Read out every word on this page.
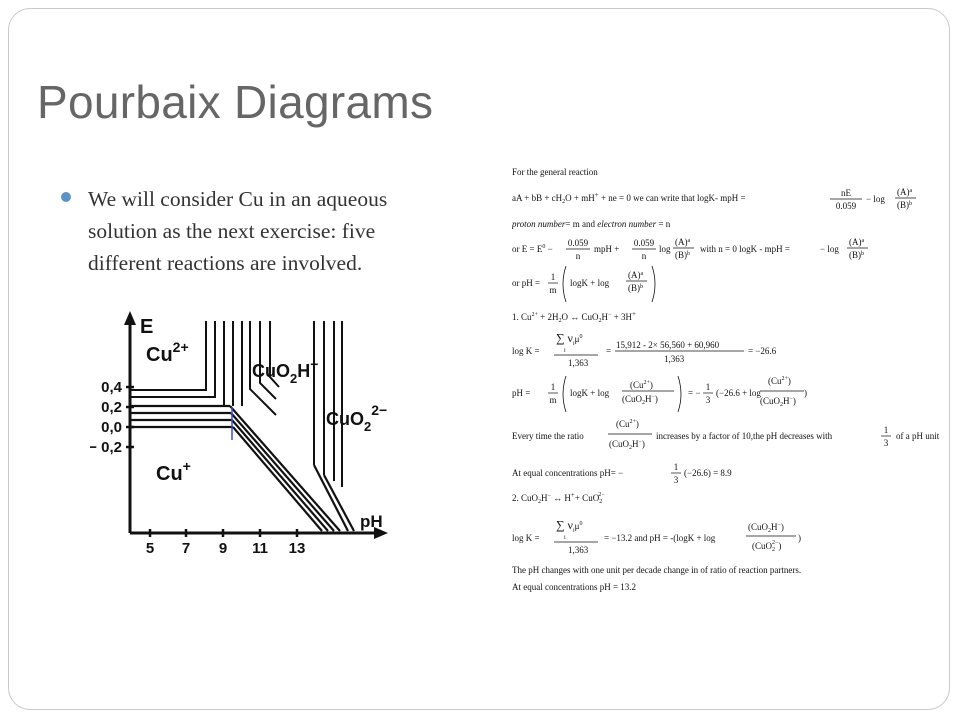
Pourbaix Diagrams
We will consider Cu in an aqueous solution as the next exercise: five different reactions are involved.
E
$Cu^{2+}$
CuO$_2$H−
CuO$_2^{2-}$
Cu+
pH
0,4
0,2
0,0
− 0,2
5 7 9 11 13
For the general reaction
aA + bB + $cH_2O + mH^+$ + ne = 0 we can write that logK- mpH =	nE
0.059
− log
$(A)^a$
$(B)^b$
proton number= m and electron number = n
or $E = E^0$ −
0.059
n
mpH +
0.059
n
log
$(A)^a$
$(B)^b$ with n = 0 logK - mpH =	− log
$(A)^a$
$(B)^b$
or pH =
1
m
logK + log
$(A)^a$
$(B)^b$
1. $Cu^{2+} + 2H_2O$ ↔ CuO$_2$H− + 3H+
log K =
∑ $\nu_i\mu^0$
i
1,363
=
15,912 - 2× 56,560 + 60,960
1,363
= −26.6
pH =
1
m
logK + log
$(Cu^{2+})$
(CuO$_2$H−)
= −
1
3
(−26.6 + log
$(Cu^{2+})$
(CuO$_2$H−)
)
Every time the ratio
$(Cu^{2+})$
(CuO$_2$H−)
increases by a factor of 10,the pH decreases with
1
3
of a pH unit
At equal concentrations pH= −
1
3
(−26.6) = 8.9
2. CuO$_2$H− ↔ H++ CuO$_2$2−
log K =
∑ $\nu_i\mu^0$
i
1,363
= −13.2 and pH = -(logK + log
(CuO$_2$H−)
(CuO$_2$2−)
)
The pH changes with one unit per decade change in of ratio of reaction partners.
At equal concentrations pH = 13.2
